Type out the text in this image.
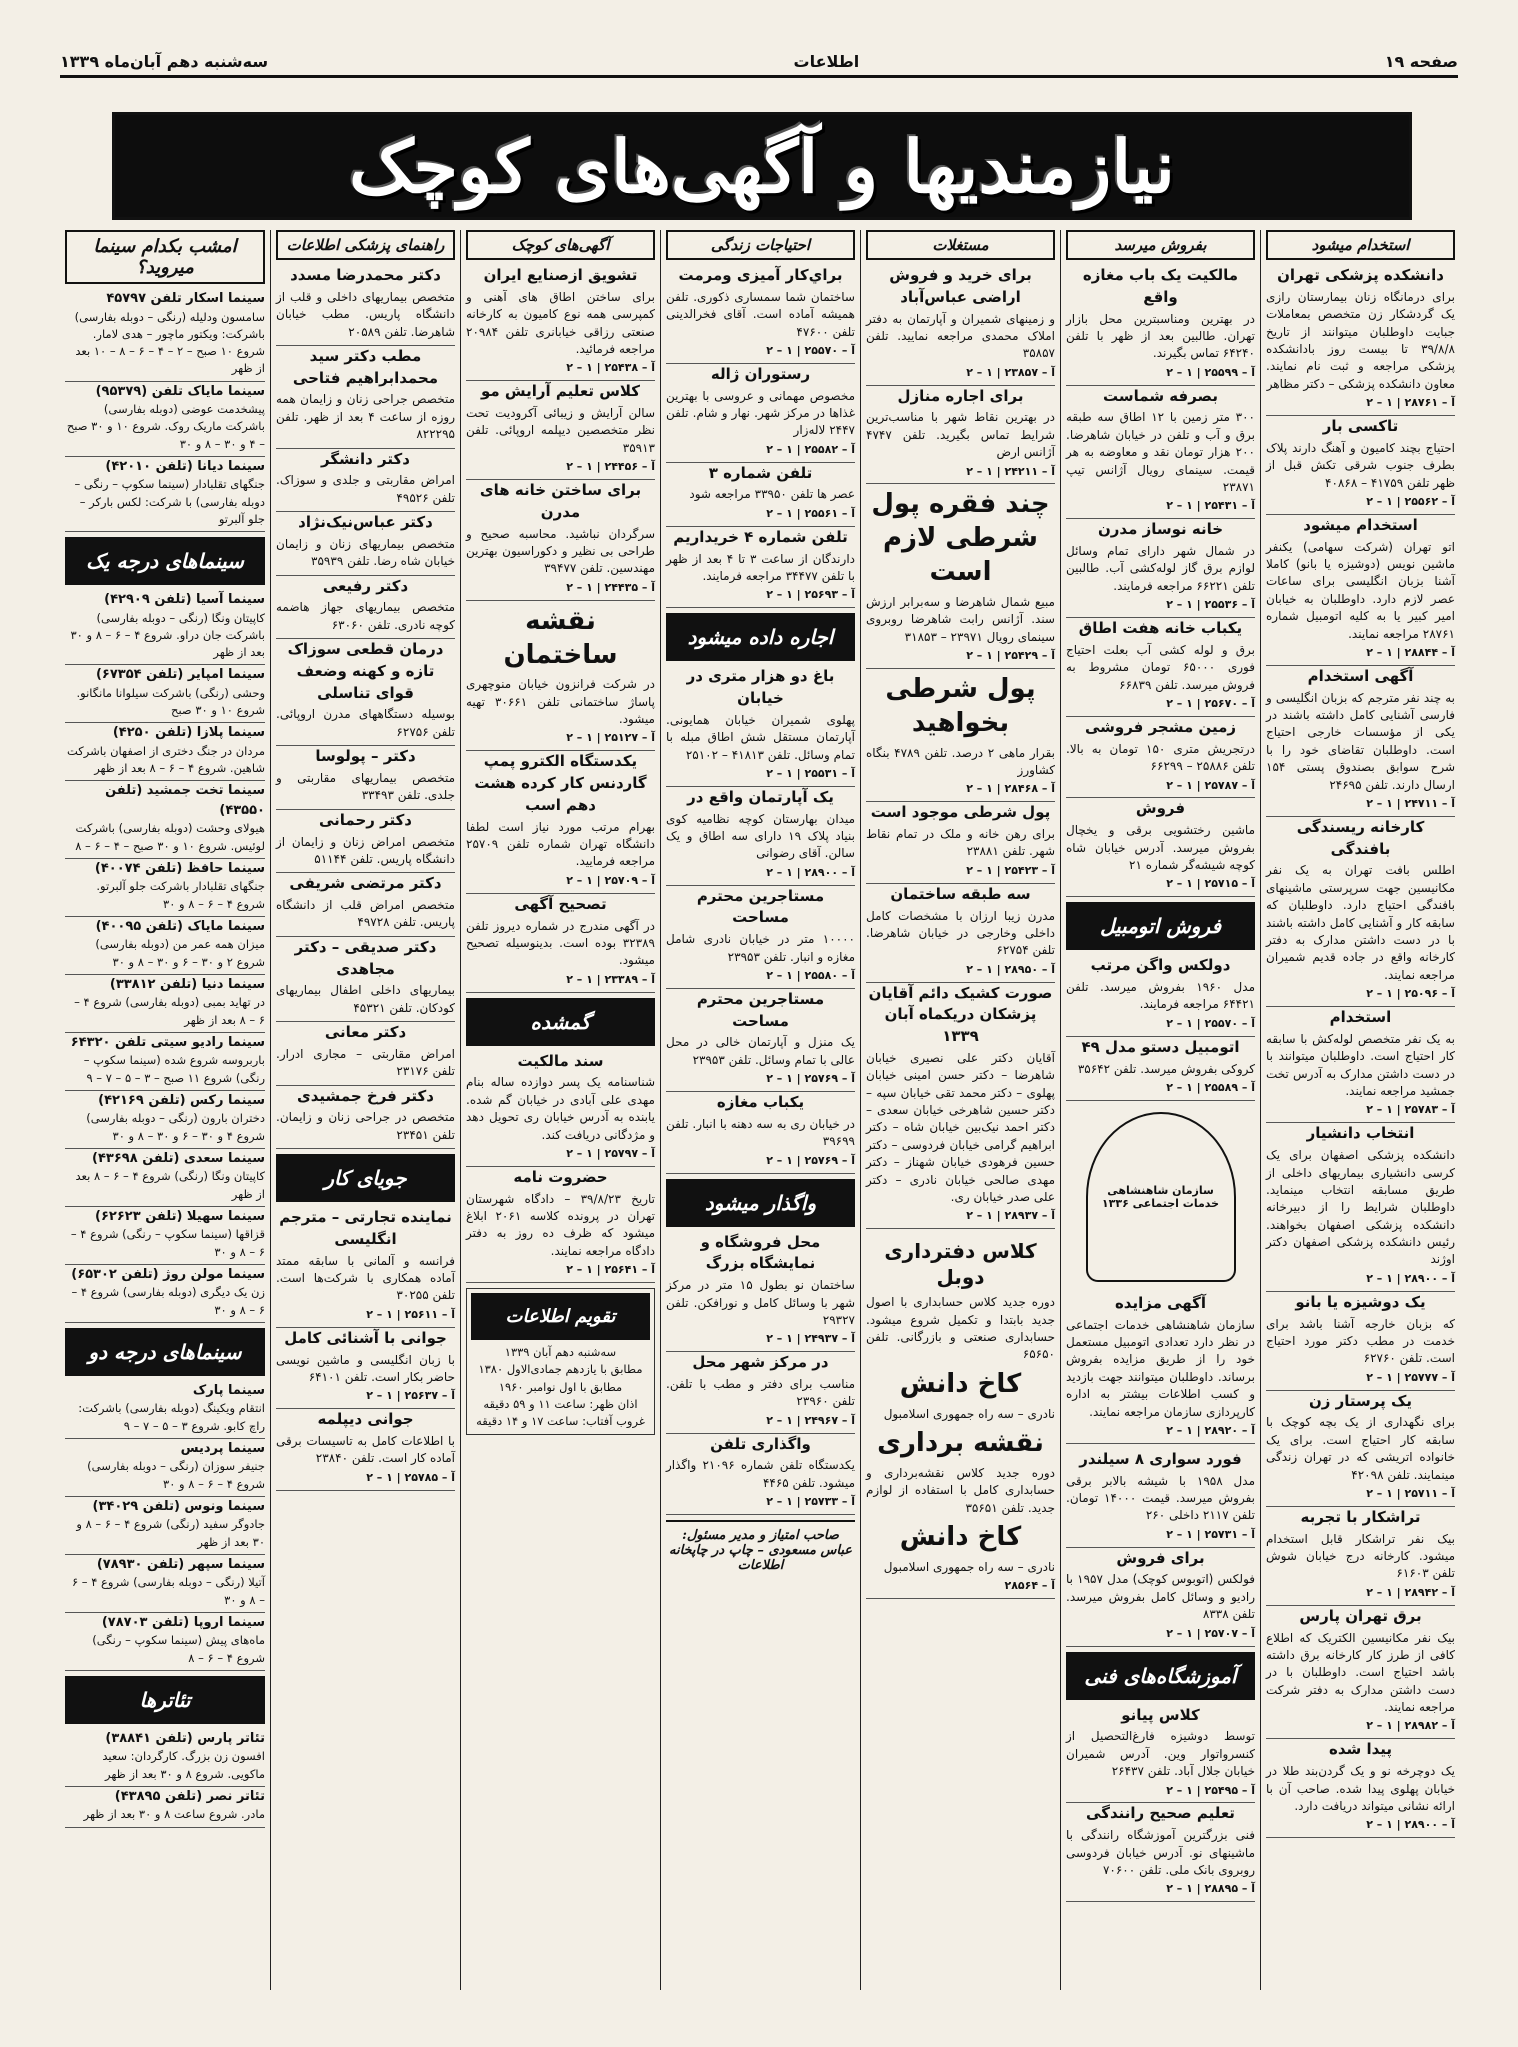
صفحه ۱۹
اطلاعات
سه‌شنبه دهم آبان‌ماه ۱۳۳۹
نیازمندیها و آگهی‌های کوچک
استخدام میشود
دانشکده پزشکی تهران
برای درمانگاه زنان بیمارستان رازی یک گردشکار زن متخصص بمعاملات جبایت داوطلبان میتوانند از تاریخ ۳۹/۸/۸ تا بیست روز بادانشکده پزشکی مراجعه و ثبت نام نمایند. معاون دانشکده پزشکی – دکتر مظاهر
آ – ۲۸۷۶۱ | ۱ – ۲
تاکسی بار
احتیاج بچند کامیون و آهنگ دارند پلاک بطرف جنوب شرقی تکش قبل از ظهر تلفن ۴۱۷۵۹ – ۴۰۸۶۸
آ – ۲۵۵۶۲ | ۱ – ۲
استخدام میشود
اتو تهران (شرکت سهامی) یکنفر ماشین نویس (دوشیزه یا بانو) کاملا آشنا بزبان انگلیسی برای ساعات عصر لازم دارد. داوطلبان به خیابان امیر کبیر یا به کلیه اتومبیل شماره ۲۸۷۶۱ مراجعه نمایند.
آ – ۲۸۸۴۴ | ۱ – ۲
آگهی استخدام
به چند نفر مترجم که بزبان انگلیسی و فارسی آشنایی کامل داشته باشند در یکی از مؤسسات خارجی احتیاج است. داوطلبان تقاضای خود را با شرح سوابق بصندوق پستی ۱۵۴ ارسال دارند. تلفن ۲۴۶۹۵
آ – ۲۴۷۱۱ | ۱ – ۲
کارخانه ریسندگی بافندگی
اطلس بافت تهران به یک نفر مکانیسین جهت سرپرستی ماشینهای بافندگی احتیاج دارد. داوطلبان که سابقه کار و آشنایی کامل داشته باشند با در دست داشتن مدارک به دفتر کارخانه واقع در جاده قدیم شمیران مراجعه نمایند.
آ – ۲۵۰۹۶ | ۱ – ۲
استخدام
به یک نفر متخصص لوله‌کش با سابقه کار احتیاج است. داوطلبان میتوانند با در دست داشتن مدارک به آدرس تخت جمشید مراجعه نمایند.
آ – ۲۵۷۸۳ | ۱ – ۲
انتخاب دانشیار
دانشکده پزشکی اصفهان برای یک کرسی دانشیاری بیماریهای داخلی از طریق مسابقه انتخاب مینماید. داوطلبان شرایط را از دبیرخانه دانشکده پزشکی اصفهان بخواهند. رئیس دانشکده پزشکی اصفهان دکتر اوژند
آ – ۲۸۹۰۰ | ۱ – ۲
یک دوشیزه یا بانو
که بزبان خارجه آشنا باشد برای خدمت در مطب دکتر مورد احتیاج است. تلفن ۶۲۷۶۰
آ – ۲۵۷۷۷ | ۱ – ۲
یک پرستار زن
برای نگهداری از یک بچه کوچک با سابقه کار احتیاج است. برای یک خانواده اتریشی که در تهران زندگی مینمایند. تلفن ۴۲۰۹۸
آ – ۲۵۷۱۱ | ۱ – ۲
تراشکار با تجربه
بیک نفر تراشکار قابل استخدام میشود. کارخانه درج خیابان شوش تلفن ۶۱۶۰۳
آ – ۲۸۹۴۲ | ۱ – ۲
برق تهران پارس
بیک نفر مکانیسین الکتریک که اطلاع کافی از طرز کار کارخانه برق داشته باشد احتیاج است. داوطلبان با در دست داشتن مدارک به دفتر شرکت مراجعه نمایند.
آ – ۲۸۹۸۲ | ۱ – ۲
پیدا شده
یک دوچرخه نو و یک گردن‌بند طلا در خیابان پهلوی پیدا شده. صاحب آن با ارائه نشانی میتواند دریافت دارد.
آ – ۲۸۹۰۰ | ۱ – ۲
بفروش میرسد
مالکیت یک باب مغازه واقع
در بهترین ومناسبترین محل بازار تهران. طالبین بعد از ظهر با تلفن ۶۴۲۴۰ تماس بگیرند.
آ – ۲۵۵۹۹ | ۱ – ۲
بصرفه شماست
۳۰۰ متر زمین با ۱۲ اطاق سه طبقه برق و آب و تلفن در خیابان شاهرضا. ۲۰۰ هزار تومان نقد و معاوضه به هر قیمت. سینمای رویال آژانس تیپ ۲۳۸۷۱
آ – ۲۵۴۳۱ | ۱ – ۲
خانه نوساز مدرن
در شمال شهر دارای تمام وسائل لوازم برق گاز لوله‌کشی آب. طالبین تلفن ۶۶۲۲۱ مراجعه فرمایند.
آ – ۲۵۵۳۶ | ۱ – ۲
یکباب خانه هفت اطاق
برق و لوله کشی آب بعلت احتیاج فوری ۶۵۰۰۰ تومان مشروط به فروش میرسد. تلفن ۶۶۸۳۹
آ – ۲۵۶۷۰ | ۱ – ۲
زمین مشجر فروشی
درتجریش متری ۱۵۰ تومان به بالا. تلفن ۲۵۸۸۶ – ۶۶۲۹۹
آ – ۲۵۷۸۷ | ۱ – ۲
فروش
ماشین رختشویی برقی و یخچال بفروش میرسد. آدرس خیابان شاه کوچه شیشه‌گر شماره ۲۱
آ – ۲۵۷۱۵ | ۱ – ۲
فروش اتومبیل
دولکس واگن مرتب
مدل ۱۹۶۰ بفروش میرسد. تلفن ۶۴۴۲۱ مراجعه فرمایند.
آ – ۲۵۵۷۰ | ۱ – ۲
اتومبیل دستو مدل ۴۹
کروکی بفروش میرسد. تلفن ۳۵۶۴۲
آ – ۲۵۵۸۹ | ۱ – ۲
سازمان شاهنشاهی خدمات اجتماعی ۱۳۳۶
آگهی مزایده
سازمان شاهنشاهی خدمات اجتماعی در نظر دارد تعدادی اتومبیل مستعمل خود را از طریق مزایده بفروش برساند. داوطلبان میتوانند جهت بازدید و کسب اطلاعات بیشتر به اداره کارپردازی سازمان مراجعه نمایند.
آ – ۲۸۹۲۰ | ۱ – ۲
فورد سواری ۸ سیلندر
مدل ۱۹۵۸ با شیشه بالابر برقی بفروش میرسد. قیمت ۱۴۰۰۰ تومان. تلفن ۲۱۱۷ داخلی ۲۶۰
آ – ۲۵۷۳۱ | ۱ – ۲
برای فروش
فولکس (اتوبوس کوچک) مدل ۱۹۵۷ با رادیو و وسائل کامل بفروش میرسد. تلفن ۸۳۳۸
آ – ۲۵۷۰۷ | ۱ – ۲
آموزشگاه‌های فنی
کلاس پیانو
توسط دوشیزه فارغ‌التحصیل از کنسرواتوار وین. آدرس شمیران خیابان جلال آباد. تلفن ۲۶۴۳۷
آ – ۲۵۴۹۵ | ۱ – ۲
تعلیم صحیح رانندگی
فنی بزرگترین آموزشگاه رانندگی با ماشینهای نو. آدرس خیابان فردوسی روبروی بانک ملی. تلفن ۷۰۶۰۰
آ – ۲۸۸۹۵ | ۱ – ۲
مستغلات
برای خرید و فروش اراضی عباس‌آباد
و زمینهای شمیران و آپارتمان به دفتر املاک محمدی مراجعه نمایید. تلفن ۳۵۸۵۷
آ – ۲۳۸۵۷ | ۱ – ۲
برای اجاره منازل
در بهترین نقاط شهر با مناسب‌ترین شرایط تماس بگیرید. تلفن ۴۷۴۷ آژانس ارض
آ – ۲۴۲۱۱ | ۱ – ۲
چند فقره پول شرطی لازم است
مبیع شمال شاهرضا و سه‌برابر ارزش سند. آژانس رابت شاهرضا روبروی سینمای رویال ۲۳۹۷۱ – ۳۱۸۵۳
آ – ۲۵۴۲۹ | ۱ – ۲
پول شرطی بخواهید
بقرار ماهی ۲ درصد. تلفن ۴۷۸۹ بنگاه کشاورز
آ – ۲۸۴۶۸ | ۱ – ۲
پول شرطی موجود است
برای رهن خانه و ملک در تمام نقاط شهر. تلفن ۲۳۸۸۱
آ – ۲۵۴۲۳ | ۱ – ۲
سه طبقه ساختمان
مدرن زیبا ارزان با مشخصات کامل داخلی وخارجی در خیابان شاهرضا. تلفن ۶۲۷۵۴
آ – ۲۸۹۵۰ | ۱ – ۲
صورت کشیک دائم آقایان پزشکان دریکماه آبان ۱۳۳۹
آقایان دکتر علی نصیری خیابان شاهرضا – دکتر حسن امینی خیابان پهلوی – دکتر محمد تقی خیابان سپه – دکتر حسین شاهرخی خیابان سعدی – دکتر احمد نیک‌بین خیابان شاه – دکتر ابراهیم گرامی خیابان فردوسی – دکتر حسین فرهودی خیابان شهناز – دکتر مهدی صالحی خیابان نادری – دکتر علی صدر خیابان ری.
آ – ۲۸۹۳۷ | ۱ – ۲
کلاس دفترداری دوبل
دوره جدید کلاس حسابداری با اصول جدید بابتدا و تکمیل شروع میشود. حسابداری صنعتی و بازرگانی. تلفن ۶۵۶۵۰
کاخ دانش
نادری – سه راه جمهوری اسلامبول
نقشه برداری
دوره جدید کلاس نقشه‌برداری و حسابداری کامل با استفاده از لوازم جدید. تلفن ۳۵۶۵۱
کاخ دانش
نادری – سه راه جمهوری اسلامبول
آ – ۲۸۵۶۴
احتیاجات زندگی
براي‌کار آمیزی ومرمت
ساختمان شما سمساری ذکوری. تلفن همیشه آماده است. آقای فخرالدینی تلفن ۴۷۶۰۰
آ – ۲۵۵۷۰ | ۱ – ۲
رستوران ژاله
مخصوص مهمانی و عروسی با بهترین غذاها در مرکز شهر. نهار و شام. تلفن ۲۴۴۷ لاله‌زار
آ – ۲۵۵۸۲ | ۱ – ۲
تلفن شماره ۳
عصر ها تلفن ۳۳۹۵۰ مراجعه شود
آ – ۲۵۵۶۱ | ۱ – ۲
تلفن شماره ۴ خریداریم
دارندگان از ساعت ۳ تا ۴ بعد از ظهر با تلفن ۳۴۴۷۷ مراجعه فرمایند.
آ – ۲۵۶۹۳ | ۱ – ۲
اجاره داده میشود
باغ دو هزار متری در خیابان
پهلوی شمیران خیابان همایونی. آپارتمان مستقل شش اطاق مبله با تمام وسائل. تلفن ۴۱۸۱۳ – ۲۵۱۰۲
آ – ۲۵۵۳۱ | ۱ – ۲
یک آپارتمان واقع در
میدان بهارستان کوچه نظامیه کوی بنیاد پلاک ۱۹ دارای سه اطاق و یک سالن. آقای رضوانی
آ – ۲۸۹۰۰ | ۱ – ۲
مستاجرین محترم مساحت
۱۰۰۰۰ متر در خیابان نادری شامل مغازه و انبار. تلفن ۲۳۹۵۳
آ – ۲۵۵۸۰ | ۱ – ۲
مستاجرین محترم مساحت
یک منزل و آپارتمان خالی در محل عالی با تمام وسائل. تلفن ۲۳۹۵۳
آ – ۲۵۷۶۹ | ۱ – ۲
یکباب مغازه
در خیابان ری به سه دهنه با انبار. تلفن ۳۹۶۹۹
آ – ۲۵۷۶۹ | ۱ – ۲
واگذار میشود
محل فروشگاه و نمایشگاه بزرگ
ساختمان نو بطول ۱۵ متر در مرکز شهر با وسائل کامل و نورافکن. تلفن ۲۹۳۲۷
آ – ۲۴۹۳۷ | ۱ – ۲
در مرکز شهر محل
مناسب برای دفتر و مطب با تلفن. تلفن ۲۳۹۶۰
آ – ۲۴۹۶۷ | ۱ – ۲
واگذاری تلفن
یکدستگاه تلفن شماره ۲۱۰۹۶ واگذار میشود. تلفن ۴۴۶۵
آ – ۲۵۷۳۳ | ۱ – ۲
صاحب امتیاز و مدیر مسئول: عباس مسعودی – چاپ در چاپخانه اطلاعات
آگهی‌های کوچک
تشویق ازصنایع ایران
برای ساختن اطاق های آهنی و کمپرسی همه نوع کامیون به کارخانه صنعتی رزاقی خیابانری تلفن ۲۰۹۸۴ مراجعه فرمائید.
آ – ۲۵۴۳۸ | ۱ – ۲
کلاس تعلیم آرایش مو
سالن آرایش و زیبائی آکرودیت تحت نظر متخصصین دیپلمه اروپائی. تلفن ۳۵۹۱۳
آ – ۲۴۴۵۶ | ۱ – ۲
برای ساختن خانه های مدرن
سرگردان نباشید. محاسبه صحیح و طراحی بی نظیر و دکوراسیون بهترین مهندسین. تلفن ۳۹۴۷۷
آ – ۲۴۴۳۵ | ۱ – ۲
نقشه ساختمان
در شرکت فرانزون خیابان منوچهری پاساژ ساختمانی تلفن ۳۰۶۶۱ تهیه میشود.
آ – ۲۵۱۲۷ | ۱ – ۲
یکدستگاه الکترو پمپ گاردنس کار کرده هشت دهم اسب
بهرام مرتب مورد نیاز است لطفا دانشگاه تهران شماره تلفن ۲۵۷۰۹ مراجعه فرمایید.
آ – ۲۵۷۰۹ | ۱ – ۲
تصحیح آگهی
در آگهی مندرج در شماره دیروز تلفن ۳۲۳۸۹ بوده است. بدینوسیله تصحیح میشود.
آ – ۲۳۳۸۹ | ۱ – ۲
گمشده
سند مالکیت
شناسنامه یک پسر دوازده ساله بنام مهدی علی آبادی در خیابان گم شده. یابنده به آدرس خیابان ری تحویل دهد و مژدگانی دریافت کند.
آ – ۲۵۷۹۷ | ۱ – ۲
حضروت نامه
تاریخ ۳۹/۸/۲۳ – دادگاه شهرستان تهران در پرونده کلاسه ۲۰۶۱ ابلاغ میشود که ظرف ده روز به دفتر دادگاه مراجعه نمایند.
آ – ۲۵۶۴۱ | ۱ – ۲
تقویم اطلاعات
سه‌شنبه دهم آبان ۱۳۳۹
مطابق با یازدهم جمادی‌الاول ۱۳۸۰
مطابق با اول نوامبر ۱۹۶۰
اذان ظهر: ساعت ۱۱ و ۵۹ دقیقه
غروب آفتاب: ساعت ۱۷ و ۱۴ دقیقه
راهنمای پزشکی اطلاعات
دکتر محمدرضا مسدد
متخصص بیماریهای داخلی و قلب از دانشگاه پاریس. مطب خیابان شاهرضا. تلفن ۲۰۵۸۹
مطب دکتر سید محمدابراهیم فتاحی
متخصص جراحی زنان و زایمان همه روزه از ساعت ۴ بعد از ظهر. تلفن ۸۲۲۲۹۵
دکتر دانشگر
امراض مقاربتی و جلدی و سوزاک. تلفن ۴۹۵۲۶
دکتر عباس‌نیک‌نژاد
متخصص بیماریهای زنان و زایمان خیابان شاه رضا. تلفن ۳۵۹۳۹
دکتر رفیعی
متخصص بیماریهای جهاز هاضمه کوچه نادری. تلفن ۶۳۰۶۰
درمان قطعی سوزاک تازه و کهنه وضعف قوای تناسلی
بوسیله دستگاههای مدرن اروپائی. تلفن ۶۲۷۵۶
دکتر – پولوسا
متخصص بیماریهای مقاربتی و جلدی. تلفن ۳۳۴۹۳
دکتر رحمانی
متخصص امراض زنان و زایمان از دانشگاه پاریس. تلفن ۵۱۱۴۴
دکتر مرتضی شریفی
متخصص امراض قلب از دانشگاه پاریس. تلفن ۴۹۷۲۸
دکتر صدیقی – دکتر مجاهدی
بیماریهای داخلی اطفال بیماریهای کودکان. تلفن ۴۵۳۲۱
دکتر معانی
امراض مقاربتی – مجاری ادرار. تلفن ۲۳۱۷۶
دکتر فرخ جمشیدی
متخصص در جراحی زنان و زایمان. تلفن ۲۳۴۵۱
جویای کار
نماینده تجارتی – مترجم انگلیسی
فرانسه و آلمانی با سابقه ممتد آماده همکاری با شرکت‌ها است. تلفن ۳۰۲۵۵
آ – ۲۵۶۱۱ | ۱ – ۲
جوانی با آشنائی کامل
با زبان انگلیسی و ماشین نویسی حاضر بکار است. تلفن ۶۴۱۰۱
آ – ۲۵۶۳۷ | ۱ – ۲
جوانی دیپلمه
با اطلاعات کامل به تاسیسات برقی آماده کار است. تلفن ۲۳۸۴۰
آ – ۲۵۷۸۵ | ۱ – ۲
امشب بکدام سینما میروید؟
سینما اسکار تلفن ۴۵۷۹۷
سامسون ودلیله (رنگی – دوبله بفارسی) باشرکت: ویکتور ماچور – هدی لامار. شروع ۱۰ صبح – ۲ – ۴ – ۶ – ۸ – ۱۰ بعد از ظهر
سینما مایاک تلفن (۹۵۳۷۹)
پیشخدمت عوضی (دوبله بفارسی) باشرکت ماریک روک. شروع ۱۰ و ۳۰ صبح – ۴ و ۳۰ – ۸ و ۳۰
سینما دیانا (تلفن ۴۲۰۱۰)
جنگهای تقلبادار (سینما سکوپ – رنگی – دوبله بفارسی) با شرکت: لکس بارکر – جلو آلبرتو
سینماهای درجه یک
سینما آسیا (تلفن ۴۲۹۰۹)
کاپیتان ونگا (رنگی – دوبله بفارسی) باشرکت جان دراو. شروع ۴ – ۶ – ۸ و ۳۰ بعد از ظهر
سینما امپایر (تلفن ۶۷۳۵۴)
وحشی (رنگی) باشرکت سیلوانا مانگانو. شروع ۱۰ و ۳۰ صبح
سینما پلازا (تلفن ۴۲۵۰)
مردان در جنگ دختری از اصفهان باشرکت شاهین. شروع ۴ – ۶ – ۸ بعد از ظهر
سینما تخت جمشید (تلفن ۴۳۵۵۰)
هیولای وحشت (دوبله بفارسی) باشرکت لوئیس. شروع ۱۰ و ۳۰ صبح – ۴ – ۶ – ۸
سینما حافظ (تلفن ۴۰۰۷۴)
جنگهای تقلبادار باشرکت جلو آلبرتو. شروع ۴ – ۶ – ۸ و ۳۰
سینما مایاک (تلفن ۴۰۰۹۵)
میزان همه عمر من (دوبله بفارسی) شروع ۲ و ۳۰ – ۶ و ۳۰ – ۸ و ۳۰
سینما دنیا (تلفن ۳۳۸۱۲)
در تهاید بمبی (دوبله بفارسی) شروع ۴ – ۶ – ۸ بعد از ظهر
سینما رادیو سیتی تلفن ۶۴۳۲۰
باربروسه شروع شده (سینما سکوپ – رنگی) شروع ۱۱ صبح – ۳ – ۵ – ۷ – ۹
سینما رکس (تلفن ۴۲۱۶۹)
دختران بارون (رنگی – دوبله بفارسی) شروع ۴ و ۳۰ – ۶ و ۳۰ – ۸ و ۳۰
سینما سعدی (تلفن ۴۳۶۹۸)
کاپیتان ونگا (رنگی) شروع ۴ – ۶ – ۸ بعد از ظهر
سینما سهیلا (تلفن ۶۲۶۲۳)
قزاقها (سینما سکوپ – رنگی) شروع ۴ – ۶ – ۸ و ۳۰
سینما مولن روژ (تلفن ۶۵۳۰۲)
زن یک دیگری (دوبله بفارسی) شروع ۴ – ۶ – ۸ و ۳۰
سینماهای درجه دو
سینما پارک
انتقام ویکینگ (دوبله بفارسی) باشرکت: راچ کابو. شروع ۳ – ۵ – ۷ – ۹
سینما پردیس
جنیفر سوزان (رنگی – دوبله بفارسی) شروع ۴ – ۶ – ۸ و ۳۰
سینما ونوس (تلفن ۳۴۰۲۹)
جادوگر سفید (رنگی) شروع ۴ – ۶ – ۸ و ۳۰ بعد از ظهر
سینما سپهر (تلفن ۷۸۹۳۰)
آتیلا (رنگی – دوبله بفارسی) شروع ۴ – ۶ – ۸ و ۳۰
سینما اروپا (تلفن ۷۸۷۰۳)
ماه‌های پیش (سینما سکوپ – رنگی) شروع ۴ – ۶ – ۸
تئاترها
تئاتر پارس (تلفن ۳۸۸۴۱)
افسون زن بزرگ. کارگردان: سعید ماکویی. شروع ۸ و ۳۰ بعد از ظهر
تئاتر نصر (تلفن ۴۳۸۹۵)
مادر. شروع ساعت ۸ و ۳۰ بعد از ظهر
